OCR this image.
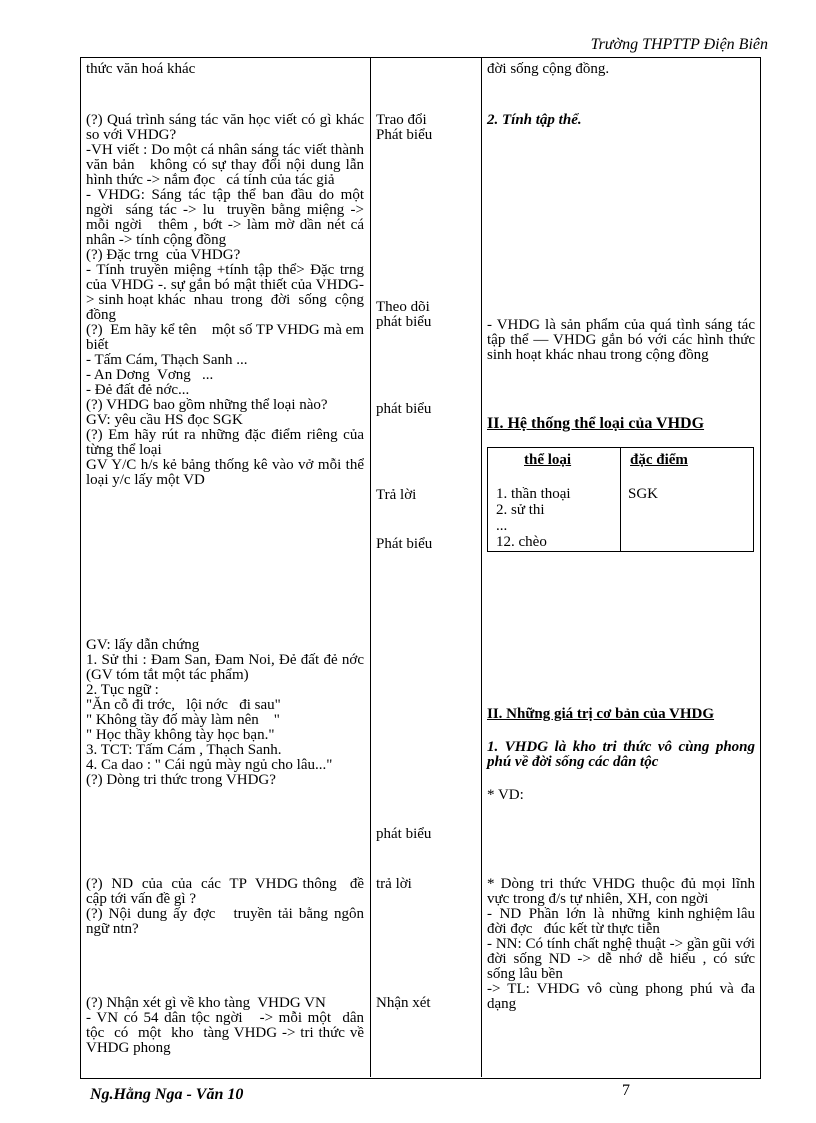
Trường THPTTP Điện Biên

thức văn hoá khác

(?) Quá trình sáng tác văn học viết có gì khác so với VHDG?

-VH viết : Do một cá nhân sáng tác viết thành văn bản   không có sự thay đổi nội dung lẫn hình thức -> nắm đọc   cá tính của tác giả

- VHDG: Sáng tác tập thể ban đầu do một ngời  sáng tác -> lu  truyền bằng miệng -> mỗi ngời   thêm , bớt -> làm mờ dần nét cá nhân -> tính cộng đồng

(?) Đặc trng  của VHDG?

- Tính truyền miệng +tính tập thể> Đặc trng  của VHDG -. sự gắn bó mật thiết của VHDG-> sinh hoạt khác  nhau  trong  đời  sống  cộng đồng

(?)  Em hãy kể tên    một số TP VHDG mà em biết

- Tấm Cám, Thạch Sanh ...

- An Dơng  Vơng   ...

- Đẻ đất đẻ nớc...

(?) VHDG bao gồm những thể loại nào?

GV: yêu cầu HS đọc SGK

(?) Em hãy rút ra những đặc điểm riêng của từng thể loại

GV Y/C h/s kẻ bảng thống kê vào vở mỗi thể loại y/c lấy một VD

GV: lấy dẫn chứng

1. Sử thi : Đam San, Đam Noi, Đẻ đất đẻ nớc  (GV tóm tắt một tác phẩm)

2. Tục ngữ :

"Ăn cỗ đi trớc,   lội nớc   đi sau"

" Không tầy đố mày làm nên    "

" Học thầy không tày học bạn."

3. TCT: Tấm Cám , Thạch Sanh.

4. Ca dao : " Cái ngủ mày ngủ cho lâu..."

(?) Dòng tri thức trong VHDG?

(?)  ND  của  của  các  TP  VHDG thông   đề cập tới vấn đề gì ?

(?) Nội dung ấy đợc   truyền tải bằng ngôn ngữ ntn?

(?) Nhận xét gì về kho tàng  VHDG VN

- VN có 54 dân tộc ngời   -> mỗi một  dân  tộc  có  một  kho  tàng VHDG -> tri thức về VHDG phong

Trao đổi

Phát biểu

Theo dõi

phát biểu

phát biểu

Trả lời

Phát biểu

phát biểu

trả lời

Nhận xét

đời sống cộng đồng.
2. Tính tập thể.
- VHDG là sản phẩm của quá tình sáng tác tập thể — VHDG gắn bó với các hình thức sinh hoạt khác nhau trong cộng đồng
II. Hệ thống thể loại của VHDG
thể loại	đặc điểm

1. thần thoại

2. sử thi

...

12. chèo

SGK
II. Những giá trị cơ bản của VHDG
1. VHDG là kho tri thức vô cùng phong phú về đời sống các dân tộc
* VD:

* Dòng tri thức VHDG thuộc đủ mọi lĩnh vực trong đ/s tự nhiên, XH, con ngời

-  ND  Phần  lớn  là  những  kinh nghiệm lâu đời đợc   đúc kết từ thực tiễn

- NN: Có tính chất nghệ thuật -> gần gũi với đời sống ND -> dễ nhớ dễ hiểu , có sức sống lâu bền

-> TL: VHDG vô cùng phong phú và đa dạng

Ng.Hằng Nga - Văn 10	7
